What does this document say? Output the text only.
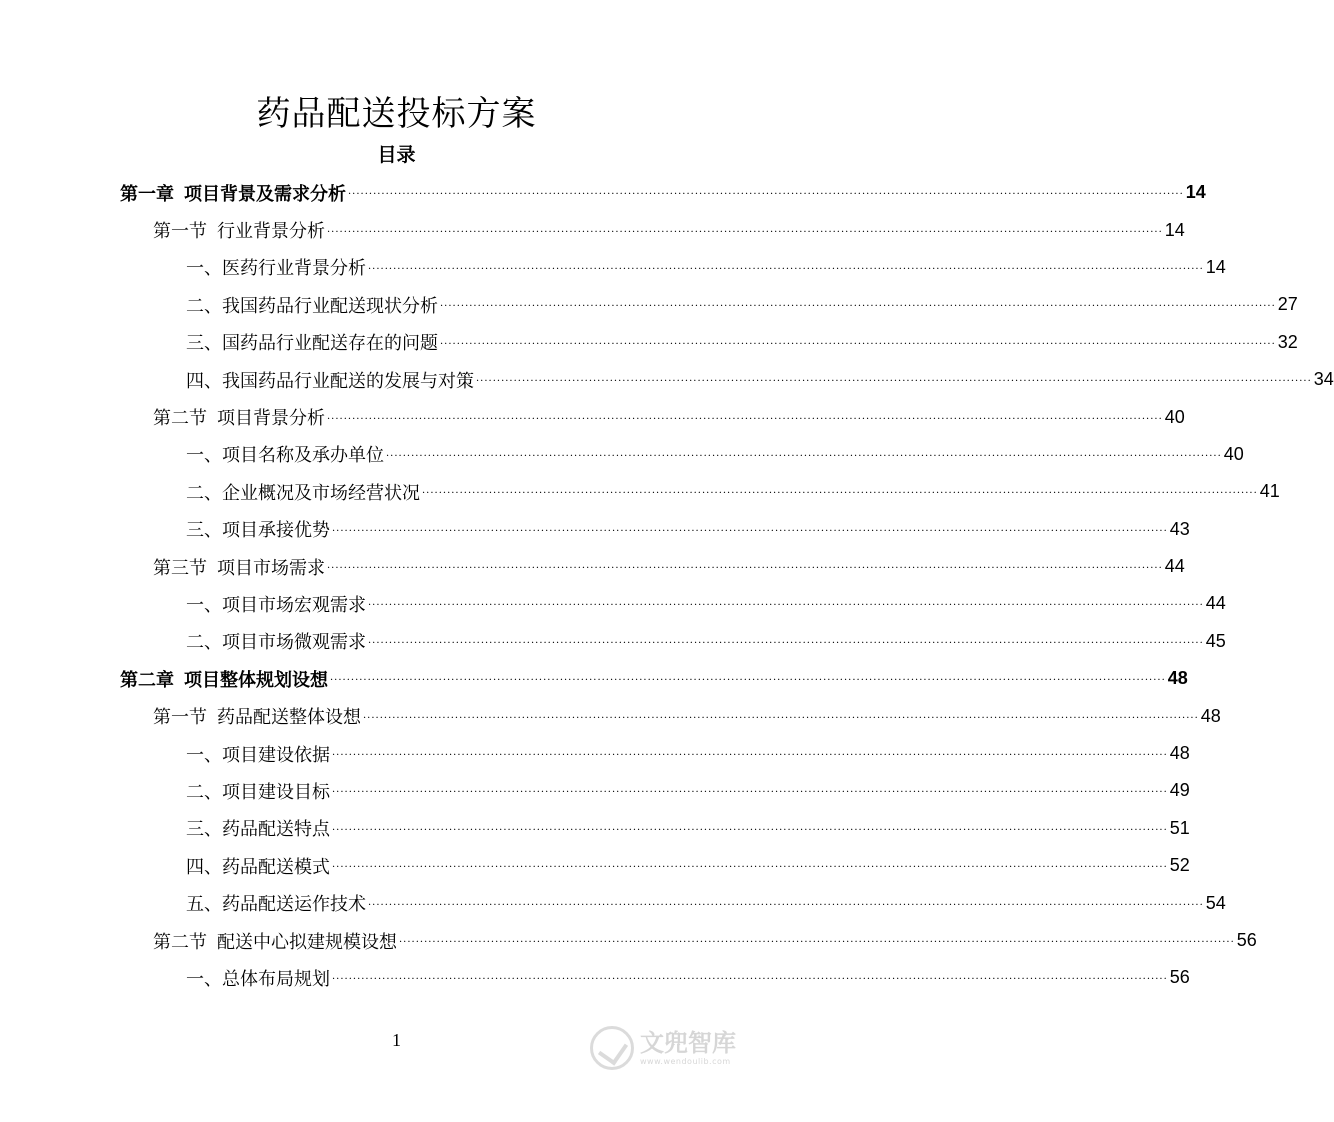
药品配送投标方案
目录
第一章 项目背景及需求分析 ········································································································································································································ 14
第一节 行业背景分析 ········································································································································································································ 14
一、医药行业背景分析 ········································································································································································································ 14
二、我国药品行业配送现状分析 ········································································································································································································ 27
三、国药品行业配送存在的问题 ········································································································································································································ 32
四、我国药品行业配送的发展与对策 ········································································································································································································ 34
第二节 项目背景分析 ········································································································································································································ 40
一、项目名称及承办单位 ········································································································································································································ 40
二、企业概况及市场经营状况 ········································································································································································································ 41
三、项目承接优势 ········································································································································································································ 43
第三节 项目市场需求 ········································································································································································································ 44
一、项目市场宏观需求 ········································································································································································································ 44
二、项目市场微观需求 ········································································································································································································ 45
第二章 项目整体规划设想 ········································································································································································································ 48
第一节 药品配送整体设想 ········································································································································································································ 48
一、项目建设依据 ········································································································································································································ 48
二、项目建设目标 ········································································································································································································ 49
三、药品配送特点 ········································································································································································································ 51
四、药品配送模式 ········································································································································································································ 52
五、药品配送运作技术 ········································································································································································································ 54
第二节 配送中心拟建规模设想 ········································································································································································································ 56
一、总体布局规划 ········································································································································································································ 56
1	文兜智库
www.wendoulib.com
